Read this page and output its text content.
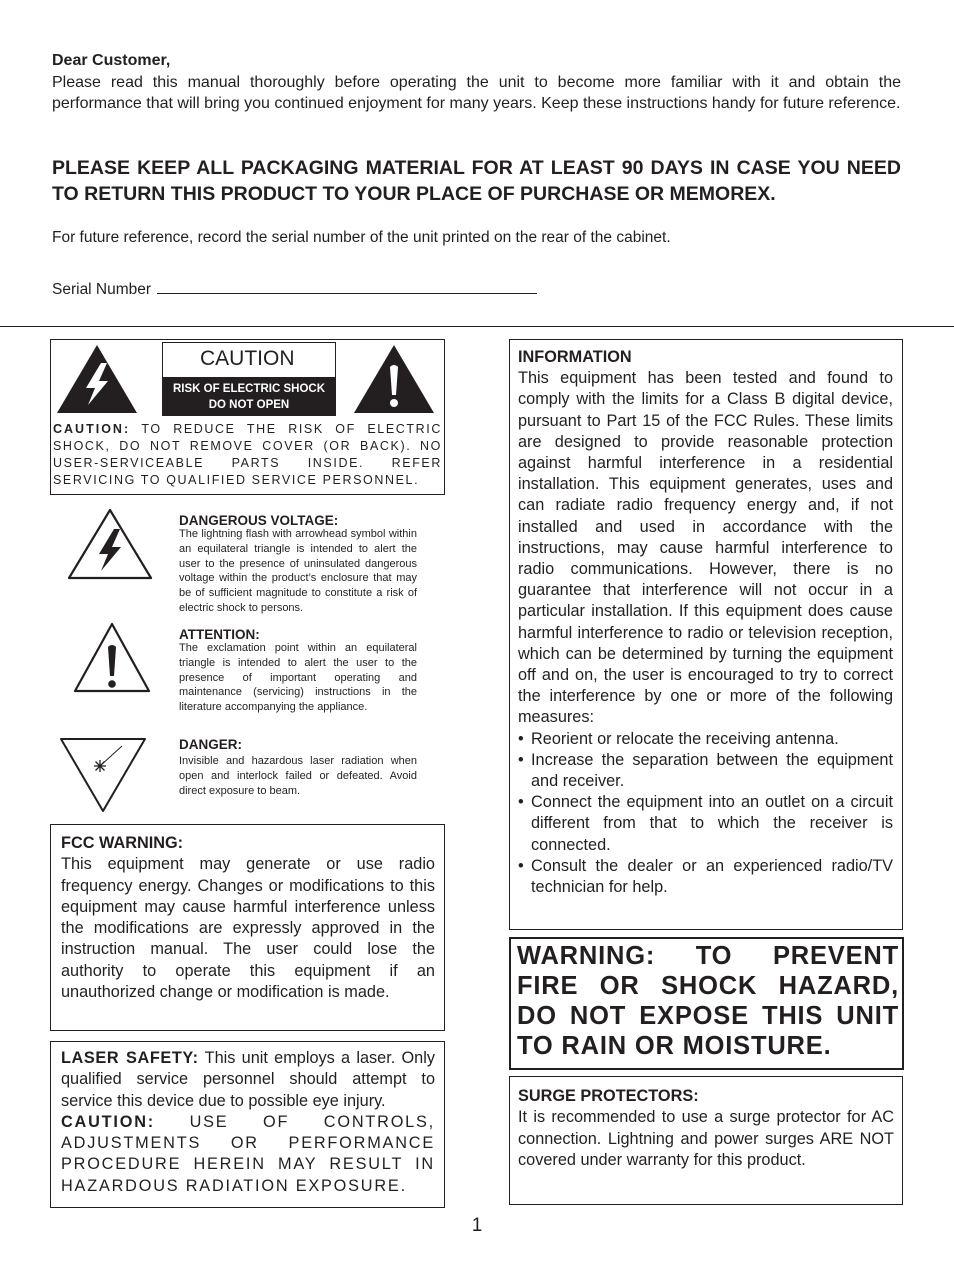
Dear Customer,
Please read this manual thoroughly before operating the unit to become more familiar with it and obtain the performance that will bring you continued enjoyment for many years. Keep these instructions handy for future reference.
PLEASE KEEP ALL PACKAGING MATERIAL FOR AT LEAST 90 DAYS IN CASE YOU NEED TO RETURN THIS PRODUCT TO YOUR PLACE OF PURCHASE OR MEMOREX.
For future reference, record the serial number of the unit printed on the rear of the cabinet.
Serial Number
CAUTION
RISK OF ELECTRIC SHOCK
DO NOT OPEN
CAUTION: TO REDUCE THE RISK OF ELECTRIC SHOCK, DO NOT REMOVE COVER (OR BACK). NO USER-SERVICEABLE PARTS INSIDE. REFER SERVICING TO QUALIFIED SERVICE PERSONNEL.
DANGEROUS VOLTAGE:
The lightning flash with arrowhead symbol within an equilateral triangle is intended to alert the user to the presence of uninsulated dangerous voltage within the product’s enclosure that may be of sufficient magnitude to constitute a risk of electric shock to persons.
ATTENTION:
The exclamation point within an equilateral triangle is intended to alert the user to the presence of important operating and maintenance (servicing) instructions in the literature accompanying the appliance.
DANGER:
Invisible and hazardous laser radiation when open and interlock failed or defeated. Avoid direct exposure to beam.
FCC WARNING:
This equipment may generate or use radio frequency energy. Changes or modifications to this equipment may cause harmful interference unless the modifications are expressly approved in the instruction manual. The user could lose the authority to operate this equipment if an unauthorized change or modification is made.
LASER SAFETY: This unit employs a laser. Only qualified service personnel should attempt to service this device due to possible eye injury.
CAUTION: USE OF CONTROLS, ADJUSTMENTS OR PERFORMANCE PROCEDURE HEREIN MAY RESULT IN HAZARDOUS RADIATION EXPOSURE.
INFORMATION
This equipment has been tested and found to comply with the limits for a Class B digital device, pursuant to Part 15 of the FCC Rules. These limits are designed to provide reasonable protection against harmful interference in a residential installation. This equipment generates, uses and can radiate radio frequency energy and, if not installed and used in accordance with the instructions, may cause harmful interference to radio communications. However, there is no guarantee that interference will not occur in a particular installation. If this equipment does cause harmful interference to radio or television reception, which can be determined by turning the equipment off and on, the user is encouraged to try to correct the interference by one or more of the following measures:
• Reorient or relocate the receiving antenna.
• Increase the separation between the equipment and receiver.
• Connect the equipment into an outlet on a circuit different from that to which the receiver is connected.
• Consult the dealer or an experienced radio/TV technician for help.
WARNING: TO PREVENT FIRE OR SHOCK HAZARD, DO NOT EXPOSE THIS UNIT TO RAIN OR MOISTURE.
SURGE PROTECTORS:
It is recommended to use a surge protector for AC connection. Lightning and power surges ARE NOT covered under warranty for this product.
1
